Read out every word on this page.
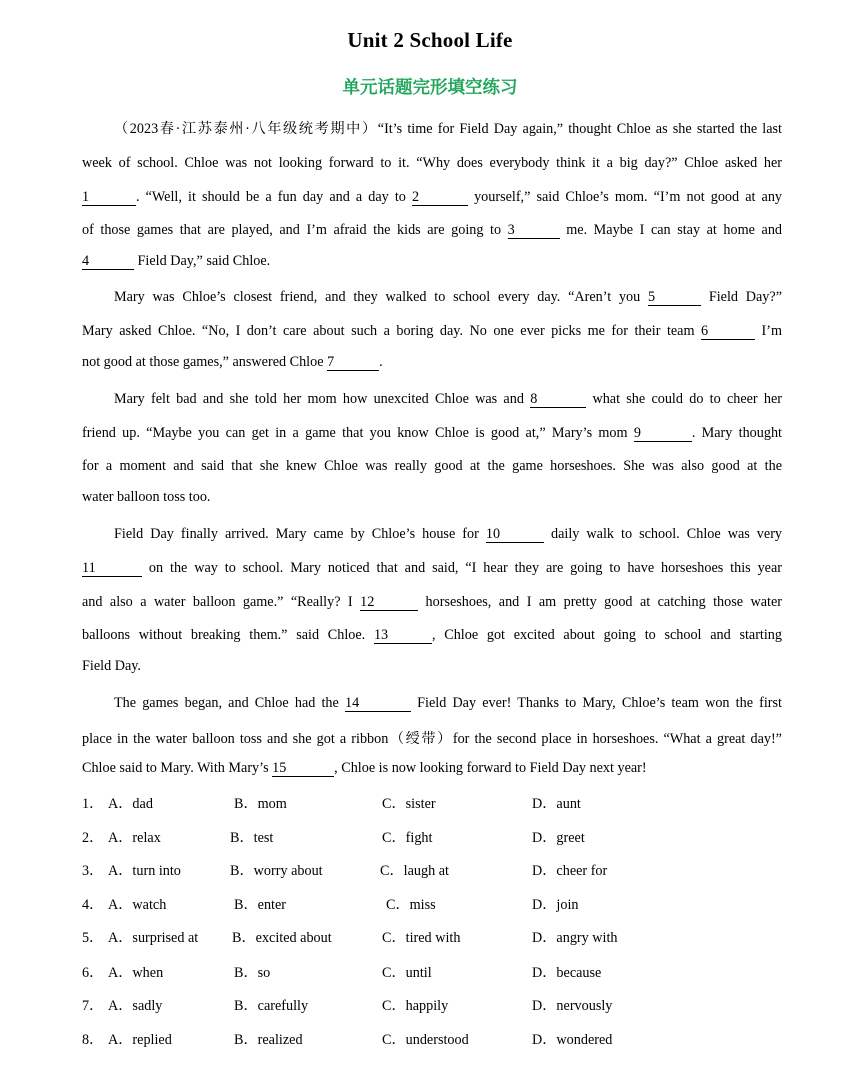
Unit 2 School Life
单元话题完形填空练习
（2023春·江苏泰州·八年级统考期中）“It’s time for Field Day again,” thought Chloe as she started the last
week of school. Chloe was not looking forward to it. “Why does everybody think it a big day?” Chloe asked her
1	. “Well, it should be a fun day and a day to 2	yourself,” said Chloe’s mom. “I’m not good at any
of those games that are played, and I’m afraid the kids are going to 3	me. Maybe I can stay at home and
4	Field Day,” said Chloe.
Mary was Chloe’s closest friend, and they walked to school every day. “Aren’t you 5	Field Day?”
Mary asked Chloe. “No, I don’t care about such a boring day. No one ever picks me for their team 6	I’m
not good at those games,” answered Chloe 7	.
Mary felt bad and she told her mom how unexcited Chloe was and 8	what she could do to cheer her
friend up. “Maybe you can get in a game that you know Chloe is good at,” Mary’s mom 9	. Mary thought
for a moment and said that she knew Chloe was really good at the game horseshoes. She was also good at the
water balloon toss too.
Field Day finally arrived. Mary came by Chloe’s house for 10	daily walk to school. Chloe was very
11	on the way to school. Mary noticed that and said, “I hear they are going to have horseshoes this year
and also a water balloon game.” “Really? I 12	horseshoes, and I am pretty good at catching those water
balloons without breaking them.” said Chloe. 13	, Chloe got excited about going to school and starting
Field Day.
The games began, and Chloe had the 14	Field Day ever! Thanks to Mary, Chloe’s team won the first
place in the water balloon toss and she got a ribbon（绶带）for the second place in horseshoes. “What a great day!”
Chloe said to Mary. With Mary’s 15	, Chloe is now looking forward to Field Day next year!
1． A．dad	B．mom	C．sister	D．aunt
2． A．relax	B．test	C．fight	D．greet
3． A．turn into	B．worry about	C．laugh at	D．cheer for
4． A．watch	B．enter	C．miss	D．join
5． A．surprised at B．excited about	C．tired with	D．angry with
6． A．when	B．so	C．until	D．because
7． A．sadly	B．carefully	C．happily	D．nervously
8． A．replied	B．realized	C．understood	D．wondered
